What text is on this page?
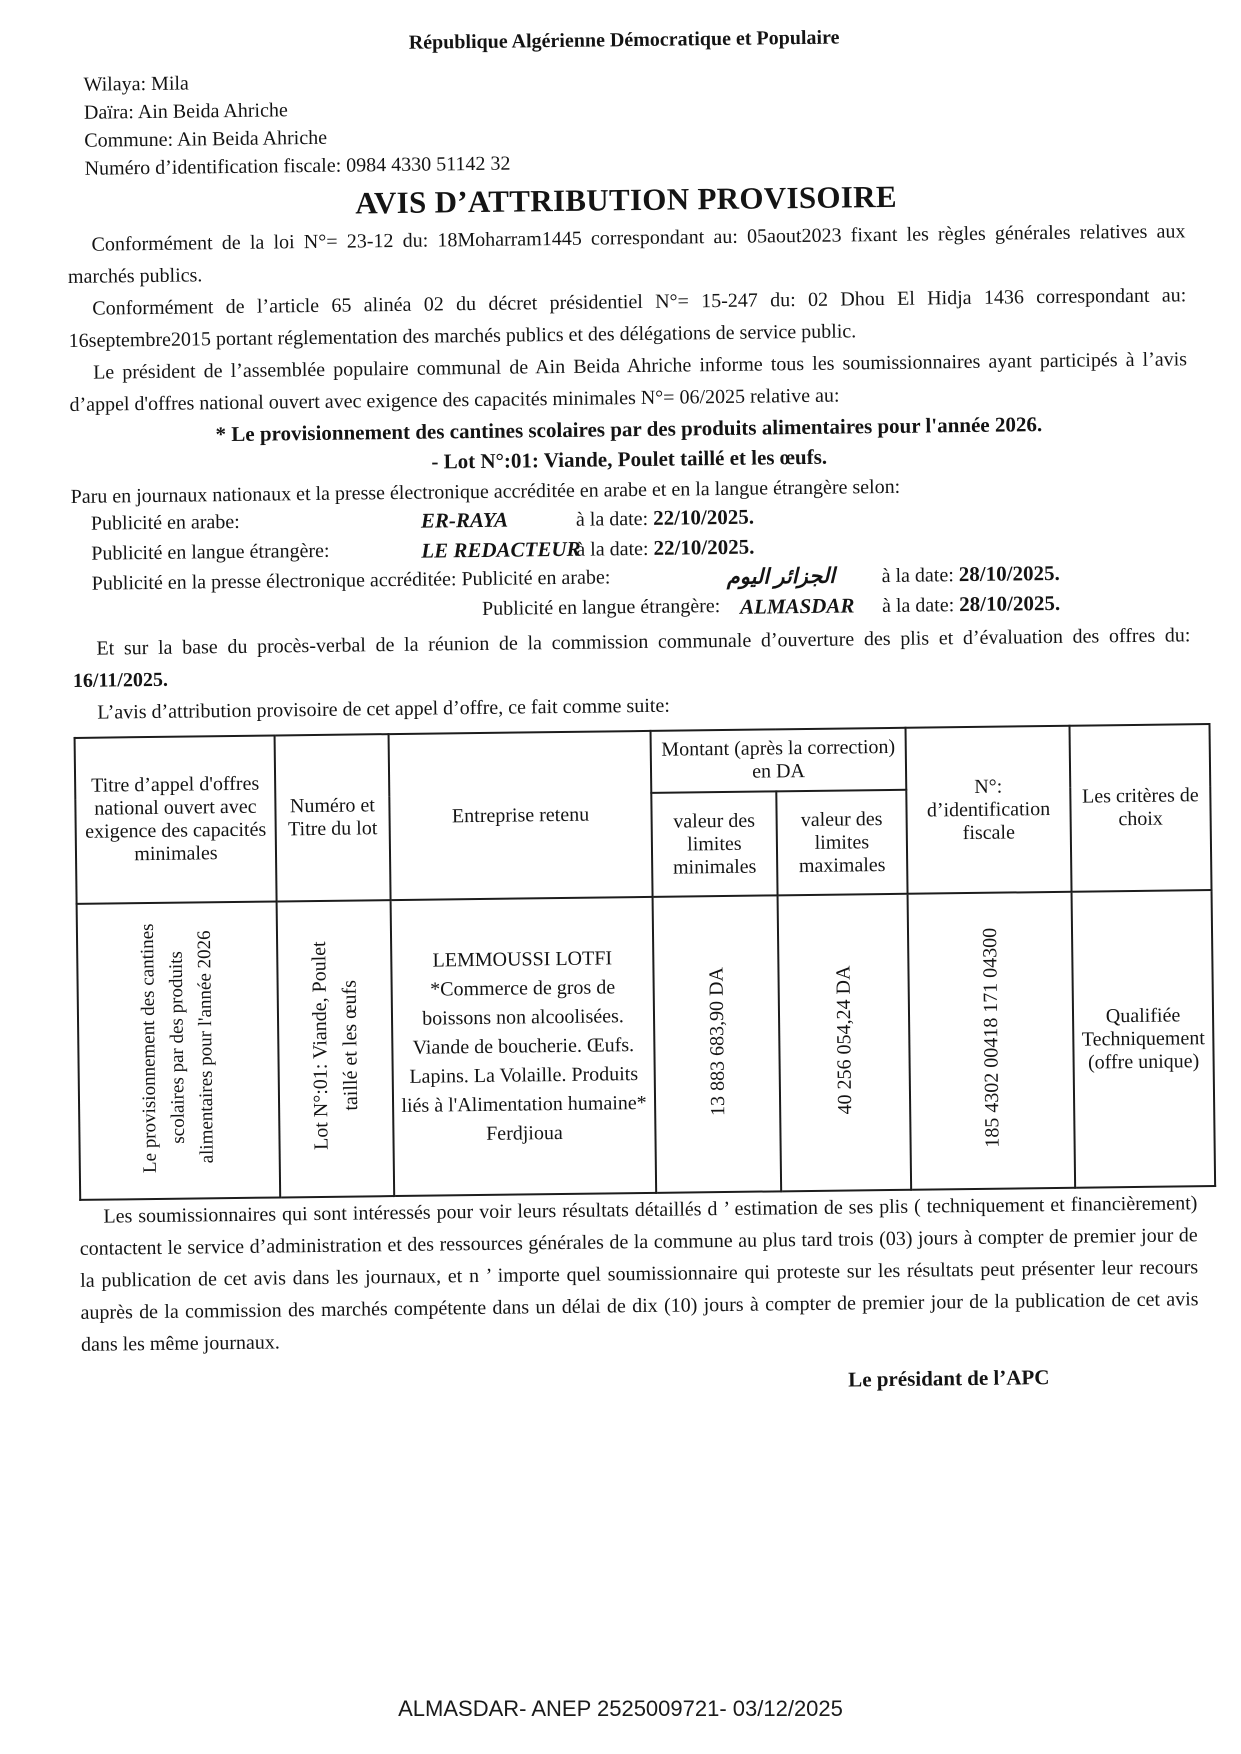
République Algérienne Démocratique et Populaire
Wilaya: Mila
Daïra: Ain Beida Ahriche
Commune: Ain Beida Ahriche
Numéro d’identification fiscale: 0984 4330 51142 32
AVIS D’ATTRIBUTION PROVISOIRE

Conformément de la loi N°= 23-12 du: 18Moharram1445 correspondant au: 05aout2023 fixant les règles générales relatives aux marchés publics.

Conformément de l’article 65 alinéa 02 du décret présidentiel N°= 15-247 du: 02 Dhou El Hidja 1436 correspondant au: 16septembre2015 portant réglementation des marchés publics et des délégations de service public.

Le président de l’assemblée populaire communal de Ain Beida Ahriche informe tous les soumissionnaires ayant participés à l’avis d’appel d'offres national ouvert avec exigence des capacités minimales N°= 06/2025 relative au:

* Le provisionnement des cantines scolaires par des produits alimentaires pour l'année 2026.

- Lot N°:01: Viande, Poulet taillé et les œufs.

Paru en journaux nationaux et la presse électronique accréditée en arabe et en la langue étrangère selon:

Publicité en arabe:	ER-RAYA	à la date: 22/10/2025.
Publicité en langue étrangère:	LE REDACTEUR
à la date: 22/10/2025.
Publicité en la presse électronique accréditée: Publicité en arabe:	الجزائر اليوم à la date: 28/10/2025.
Publicité en langue étrangère: ALMASDAR à la date: 28/10/2025.

Et sur la base du procès-verbal de la réunion de la commission communale d’ouverture des plis et d’évaluation des offres du: 16/11/2025.

L’avis d’attribution provisoire de cet appel d’offre, ce fait comme suite:

Titre d’appel d'offres national ouvert avec exigence des capacités minimales	Numéro et Titre du lot	Entreprise retenu	Montant (après la correction) en DA		N°: d’identification fiscale	Les critères de choix
			valeur des limites minimales	valeur des limites maximales		
Le provisionnement des cantines scolaires par des produits alimentaires pour l'année 2026	Lot N°:01: Viande, Poulet taillé et les œufs	LEMMOUSSI LOTFI
*Commerce de gros de boissons non alcoolisées. Viande de boucherie. Œufs. Lapins. La Volaille. Produits liés à l'Alimentation humaine*
Ferdjioua	13 883 683,90 DA	40 256 054,24 DA	185 4302 00418 171 04300	Qualifiée Techniquement (offre unique)

Les soumissionnaires qui sont intéressés pour voir leurs résultats détaillés d ’ estimation de ses plis ( techniquement et financièrement) contactent le service d’administration et des ressources générales de la commune au plus tard trois (03) jours à compter de premier jour de la publication de cet avis dans les journaux, et n ’ importe quel soumissionnaire qui proteste sur les résultats peut présenter leur recours auprès de la commission des marchés compétente dans un délai de dix (10) jours à compter de premier jour de la publication de cet avis dans les même journaux.

Le présidant de l’APC
ALMASDAR- ANEP 2525009721- 03/12/2025
